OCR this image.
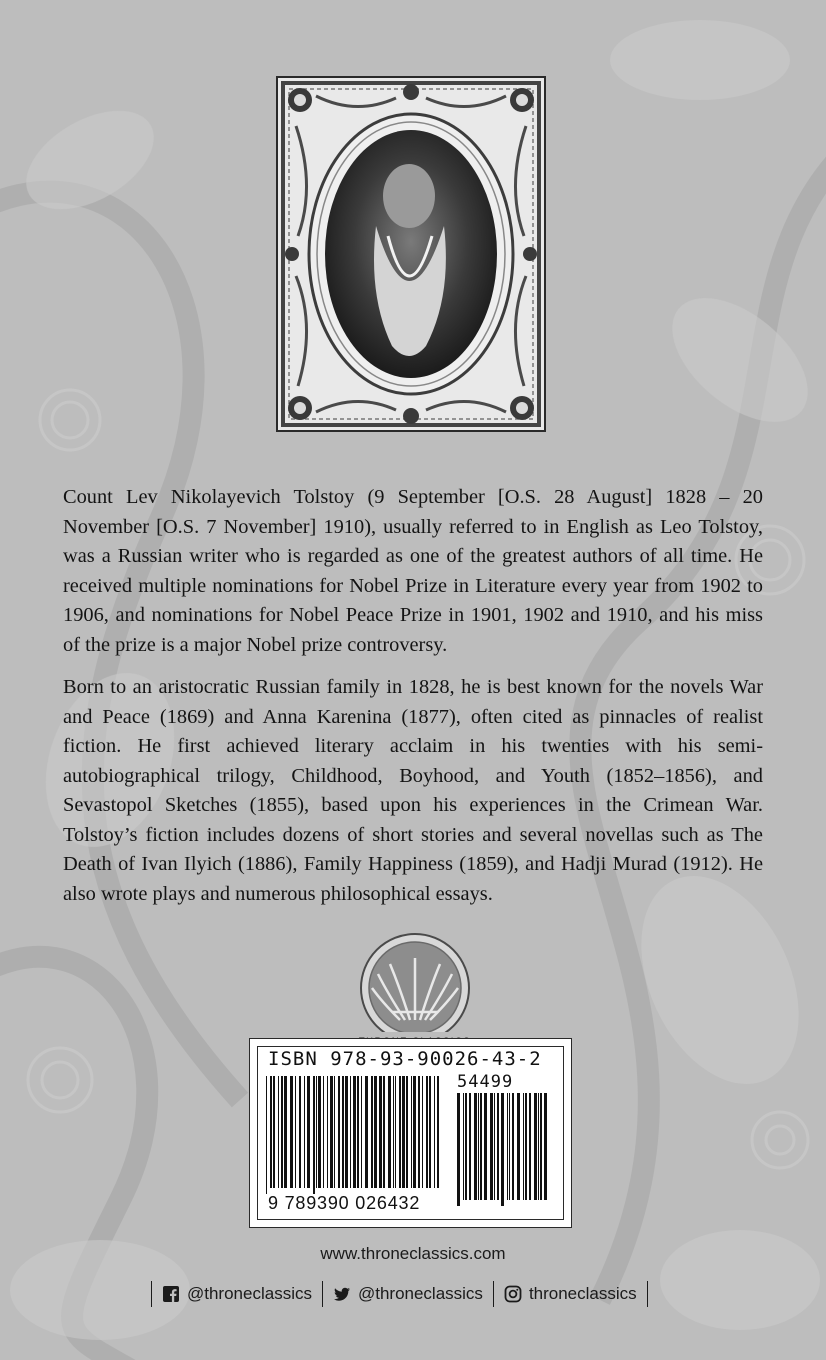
Count Lev Nikolayevich Tolstoy (9 September [O.S. 28 August] 1828 – 20 November [O.S. 7 November] 1910), usually referred to in English as Leo Tolstoy, was a Russian writer who is regarded as one of the greatest authors of all time. He received multiple nominations for Nobel Prize in Literature every year from 1902 to 1906, and nominations for Nobel Peace Prize in 1901, 1902 and 1910, and his miss of the prize is a major Nobel prize controversy.

Born to an aristocratic Russian family in 1828, he is best known for the novels War and Peace (1869) and Anna Karenina (1877), often cited as pinnacles of realist fiction. He first achieved literary acclaim in his twenties with his semi-autobiographical trilogy, Childhood, Boyhood, and Youth (1852–1856), and Sevastopol Sketches (1855), based upon his experiences in the Crimean War. Tolstoy’s fiction includes dozens of short stories and several novellas such as The Death of Ivan Ilyich (1886), Family Happiness (1859), and Hadji Murad (1912). He also wrote plays and numerous philosophical essays.

ISBN 978-93-90026-43-2
54499
9 789390 026432
www.throneclassics.com
@throneclassics	@throneclassics	throneclassics
